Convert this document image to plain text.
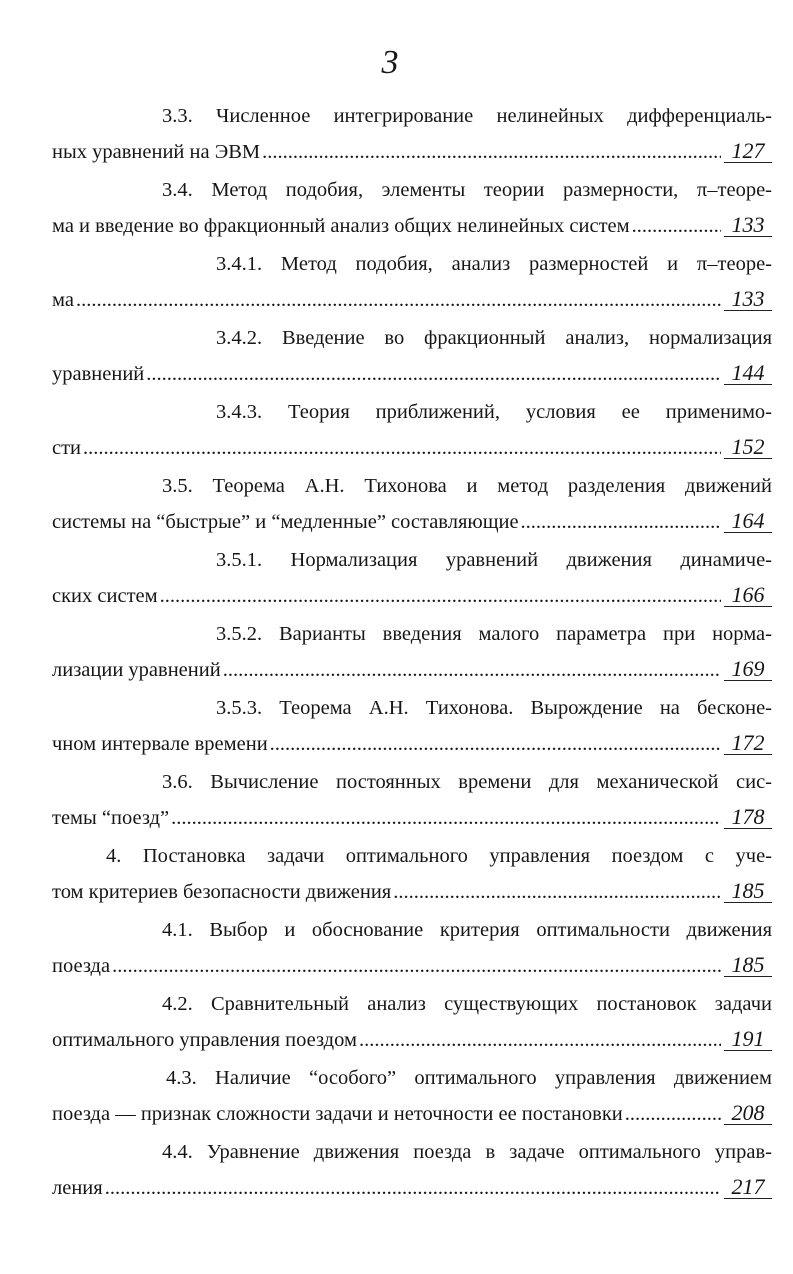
3
3.3. Численное интегрирование нелинейных дифференциаль-
ных уравнений на ЭВМ .....	127
3.4. Метод подобия, элементы теории размерности, π–теоре-
ма и введение во фракционный анализ общих нелинейных систем .....	133
3.4.1. Метод подобия, анализ размерностей и π–теоре-
ма .....	133
3.4.2. Введение во фракционный анализ, нормализация
уравнений .....	144
3.4.3. Теория приближений, условия ее применимо-
сти .....	152
3.5. Теорема А.Н. Тихонова и метод разделения движений
системы на “быстрые” и “медленные” составляющие .....	164
3.5.1. Нормализация уравнений движения динамиче-
ских систем .....	166
3.5.2. Варианты введения малого параметра при норма-
лизации уравнений .....	169
3.5.3. Теорема А.Н. Тихонова. Вырождение на бесконе-
чном интервале времени .....	172
3.6. Вычисление постоянных времени для механической сис-
темы “поезд” .....	178
4. Постановка задачи оптимального управления поездом с уче-
том критериев безопасности движения .....	185
4.1. Выбор и обоснование критерия оптимальности движения
поезда .....	185
4.2. Сравнительный анализ существующих постановок задачи
оптимального управления поездом .....	191
4.3. Наличие “особого” оптимального управления движением
поезда — признак сложности задачи и неточности ее постановки .....	208
4.4. Уравнение движения поезда в задаче оптимального управ-
ления .....	217
